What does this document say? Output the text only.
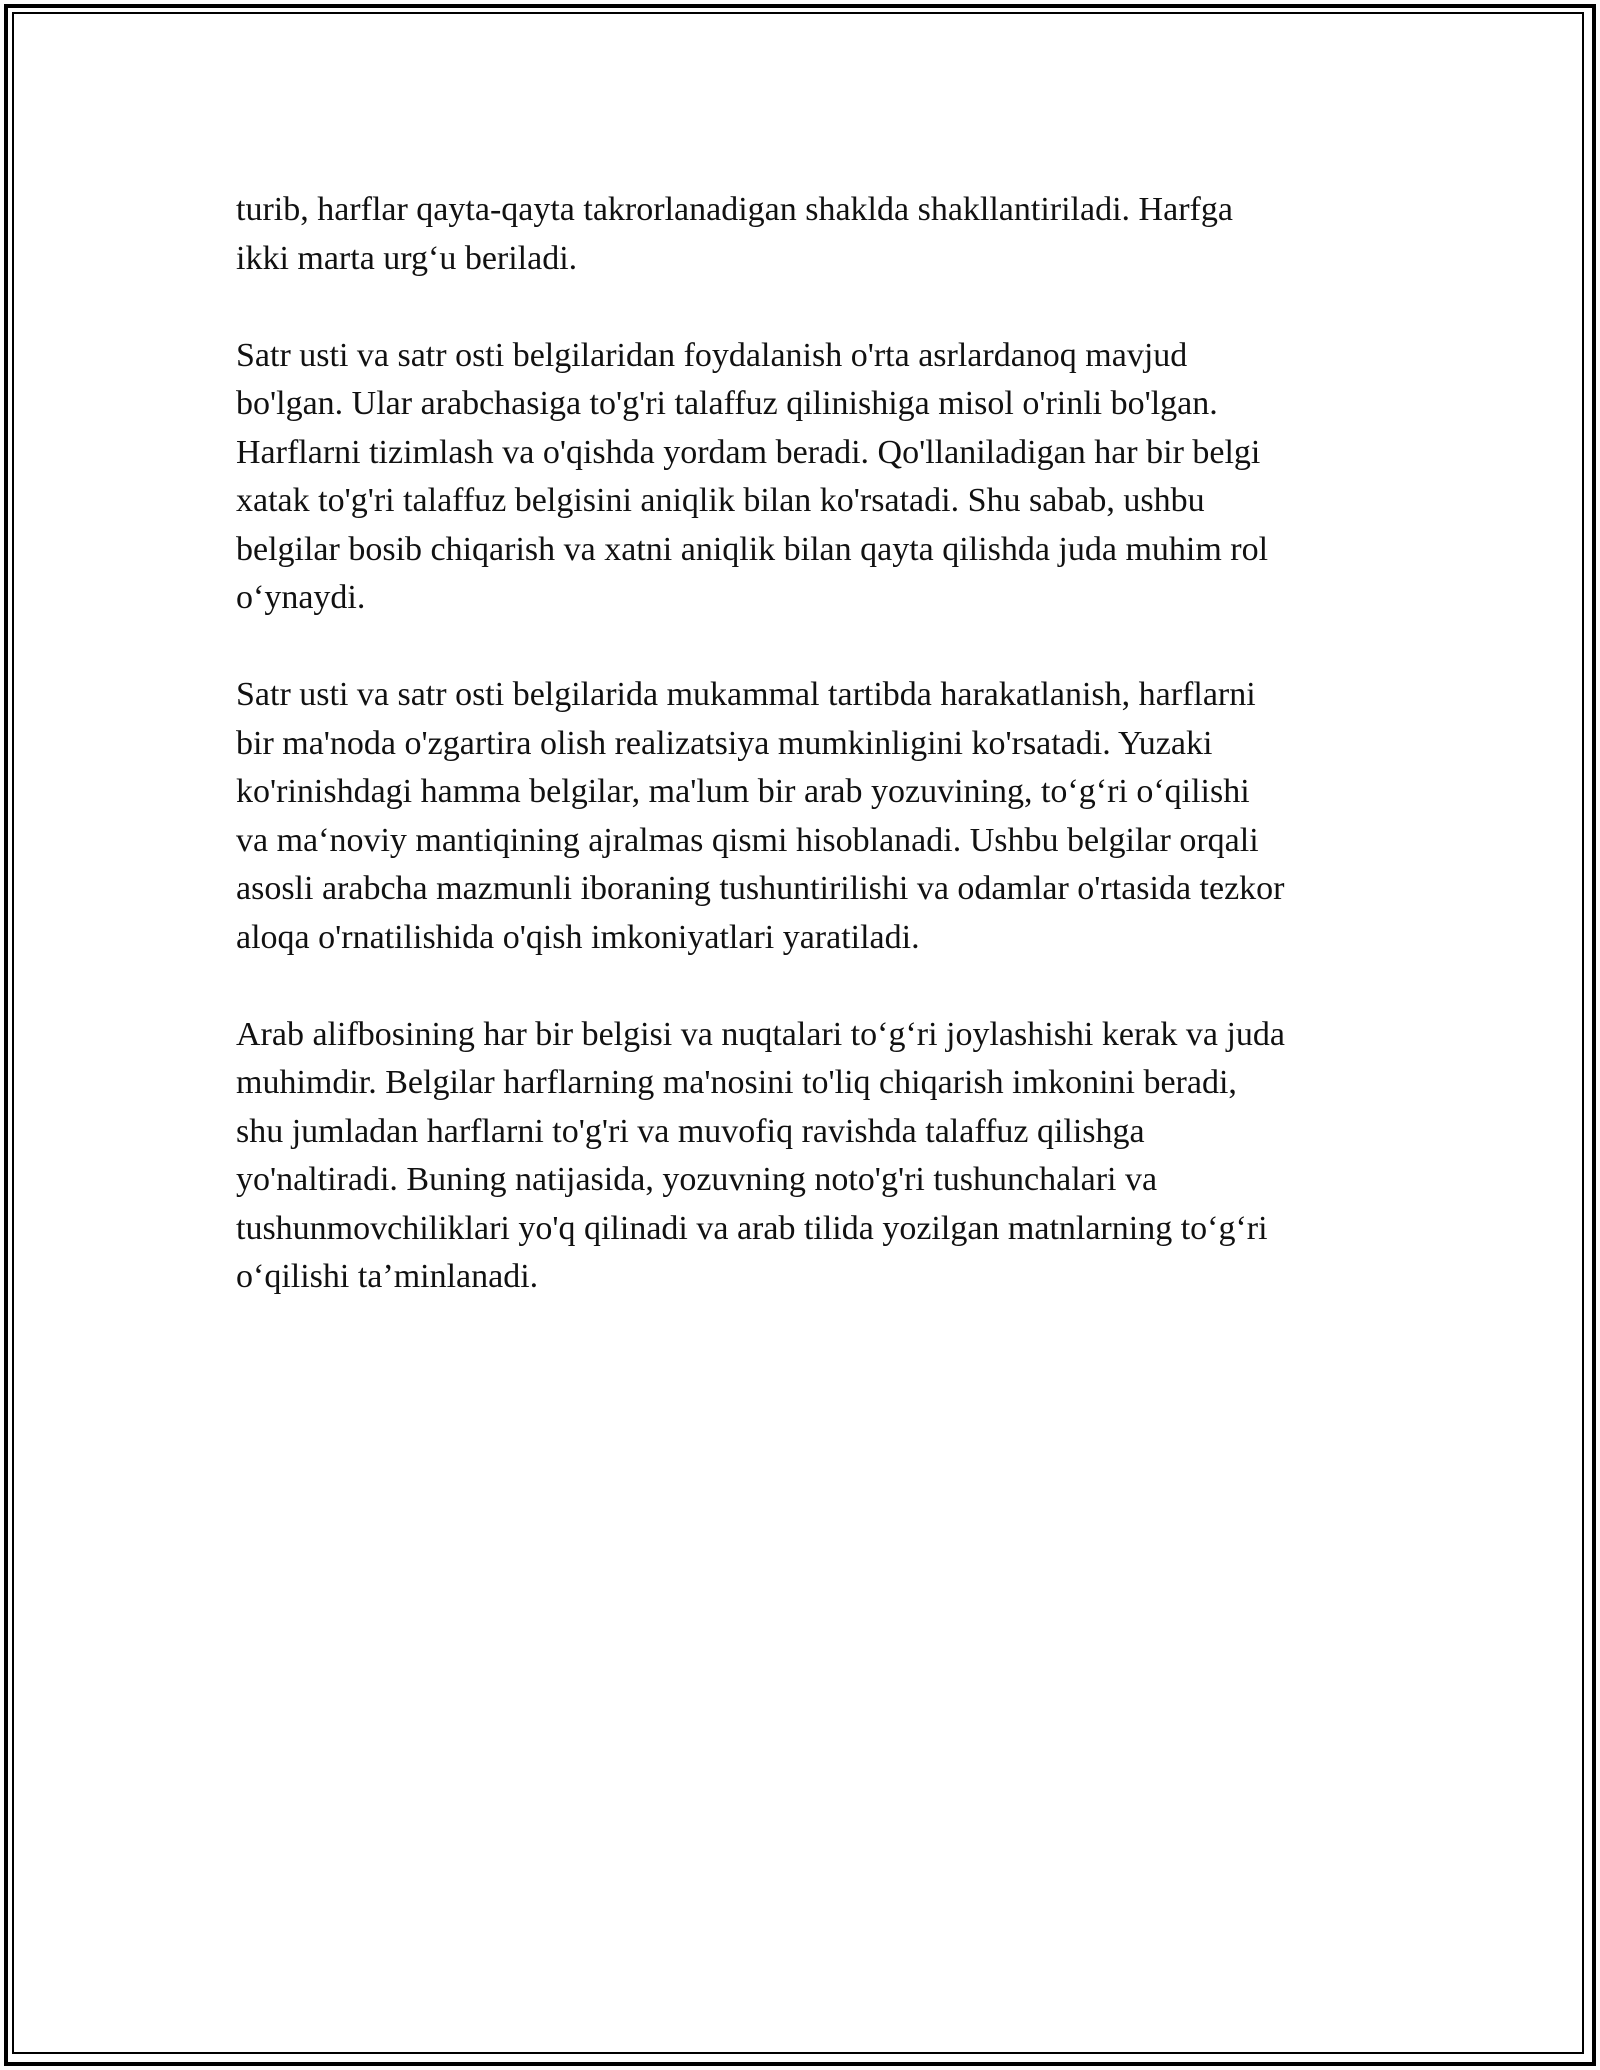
turib, harflar qayta-qayta takrorlanadigan shaklda shakllantiriladi. Harfga
ikki marta urg‘u beriladi.

Satr usti va satr osti belgilaridan foydalanish o'rta asrlardanoq mavjud
bo'lgan. Ular arabchasiga to'g'ri talaffuz qilinishiga misol o'rinli bo'lgan.
Harflarni tizimlash va o'qishda yordam beradi. Qo'llaniladigan har bir belgi
xatak to'g'ri talaffuz belgisini aniqlik bilan ko'rsatadi. Shu sabab, ushbu
belgilar bosib chiqarish va xatni aniqlik bilan qayta qilishda juda muhim rol
o‘ynaydi.

Satr usti va satr osti belgilarida mukammal tartibda harakatlanish, harflarni
bir ma'noda o'zgartira olish realizatsiya mumkinligini ko'rsatadi. Yuzaki
ko'rinishdagi hamma belgilar, ma'lum bir arab yozuvining, to‘g‘ri o‘qilishi
va ma‘noviy mantiqining ajralmas qismi hisoblanadi. Ushbu belgilar orqali
asosli arabcha mazmunli iboraning tushuntirilishi va odamlar o'rtasida tezkor
aloqa o'rnatilishida o'qish imkoniyatlari yaratiladi.

Arab alifbosining har bir belgisi va nuqtalari to‘g‘ri joylashishi kerak va juda
muhimdir. Belgilar harflarning ma'nosini to'liq chiqarish imkonini beradi,
shu jumladan harflarni to'g'ri va muvofiq ravishda talaffuz qilishga
yo'naltiradi. Buning natijasida, yozuvning noto'g'ri tushunchalari va
tushunmovchiliklari yo'q qilinadi va arab tilida yozilgan matnlarning to‘g‘ri
o‘qilishi ta’minlanadi.
